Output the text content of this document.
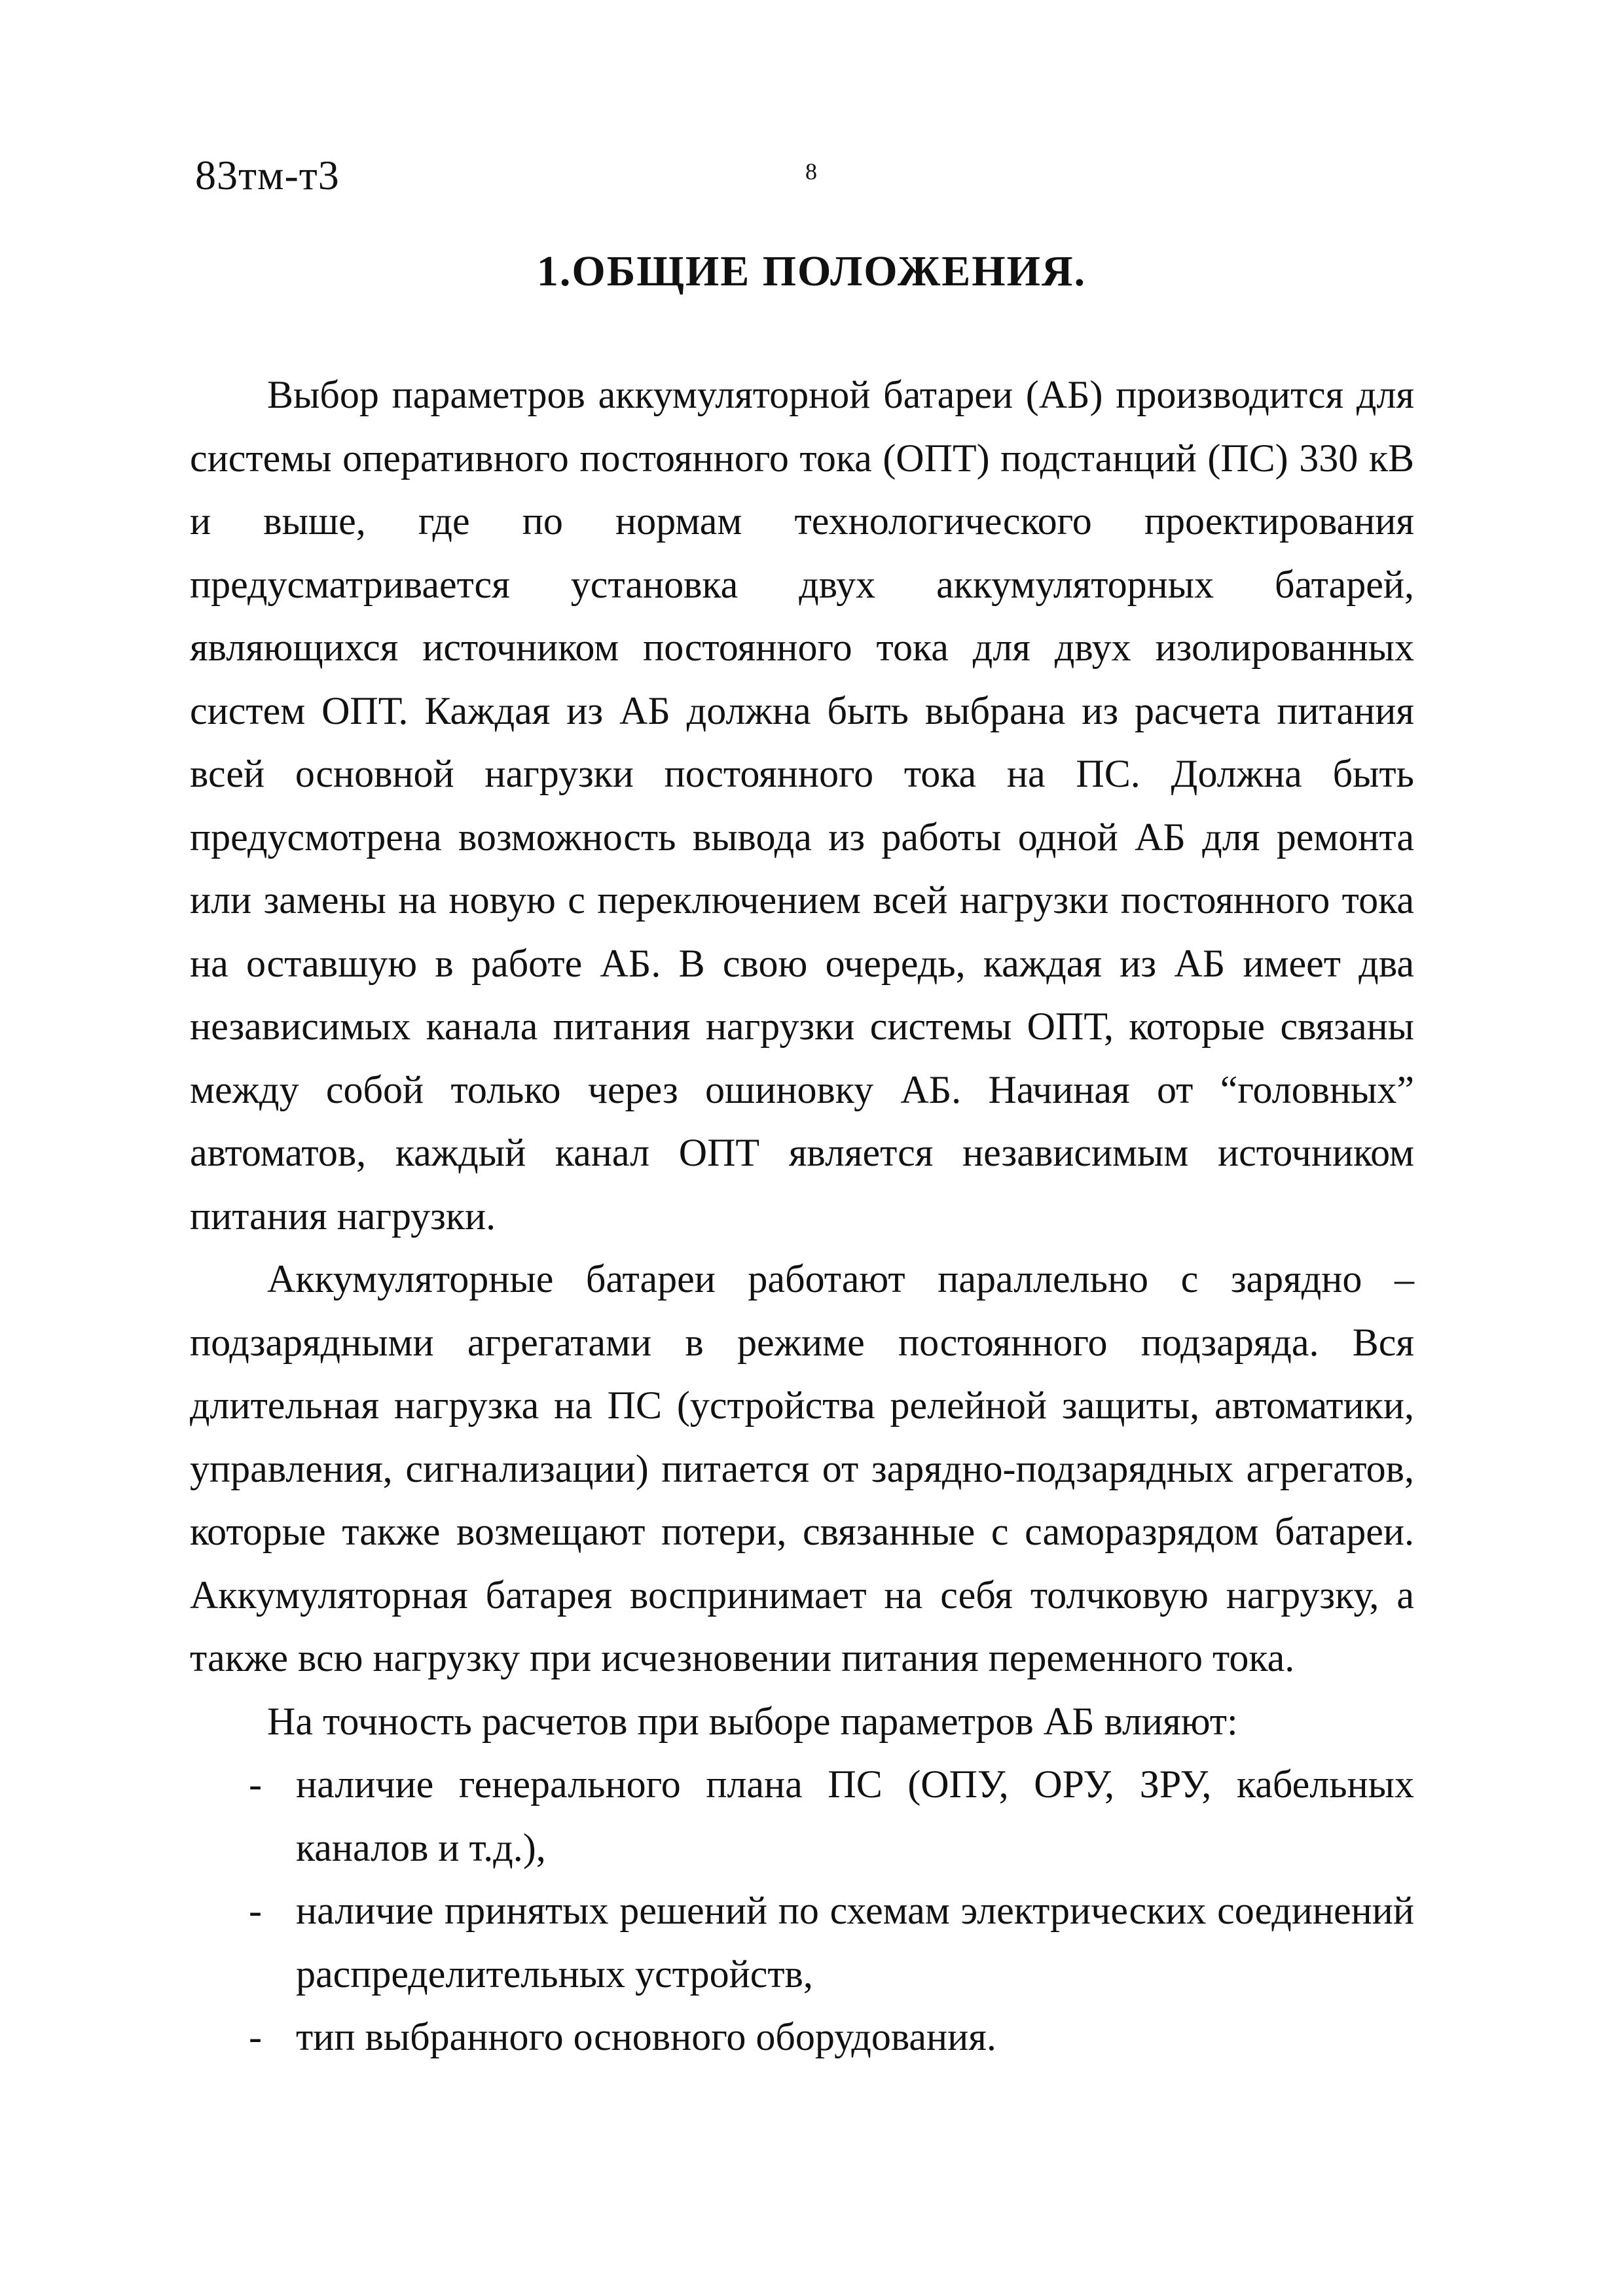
83тм-т3	8
1.ОБЩИЕ ПОЛОЖЕНИЯ.

Выбор параметров аккумуляторной батареи (АБ) производится для системы оперативного постоянного тока (ОПТ) подстанций (ПС) 330 кВ и выше, где по нормам технологического проектирования предусматривается установка двух аккумуляторных батарей, являющихся источником постоянного тока для двух изолированных систем ОПТ. Каждая из АБ должна быть выбрана из расчета питания всей основной нагрузки постоянного тока на ПС. Должна быть предусмотрена возможность вывода из работы одной АБ для ремонта или замены на новую с переключением всей нагрузки постоянного тока на оставшую в работе АБ. В свою очередь, каждая из АБ имеет два независимых канала питания нагрузки системы ОПТ, которые связаны между собой только через ошиновку АБ. Начиная от “головных” автоматов, каждый канал ОПТ является независимым источником питания нагрузки.

Аккумуляторные батареи работают параллельно с зарядно –подзарядными агрегатами в режиме постоянного подзаряда. Вся длительная нагрузка на ПС (устройства релейной защиты, автоматики, управления, сигнализации) питается от зарядно-подзарядных агрегатов, которые также возмещают потери, связанные с саморазрядом батареи. Аккумуляторная батарея воспринимает на себя толчковую нагрузку, а также всю нагрузку при исчезновении питания переменного тока.

На точность расчетов при выборе параметров АБ влияют:

- наличие генерального плана ПС (ОПУ, ОРУ, ЗРУ, кабельных каналов и т.д.),
- наличие принятых решений по схемам электрических соединений распределительных устройств,
- тип выбранного основного оборудования.
